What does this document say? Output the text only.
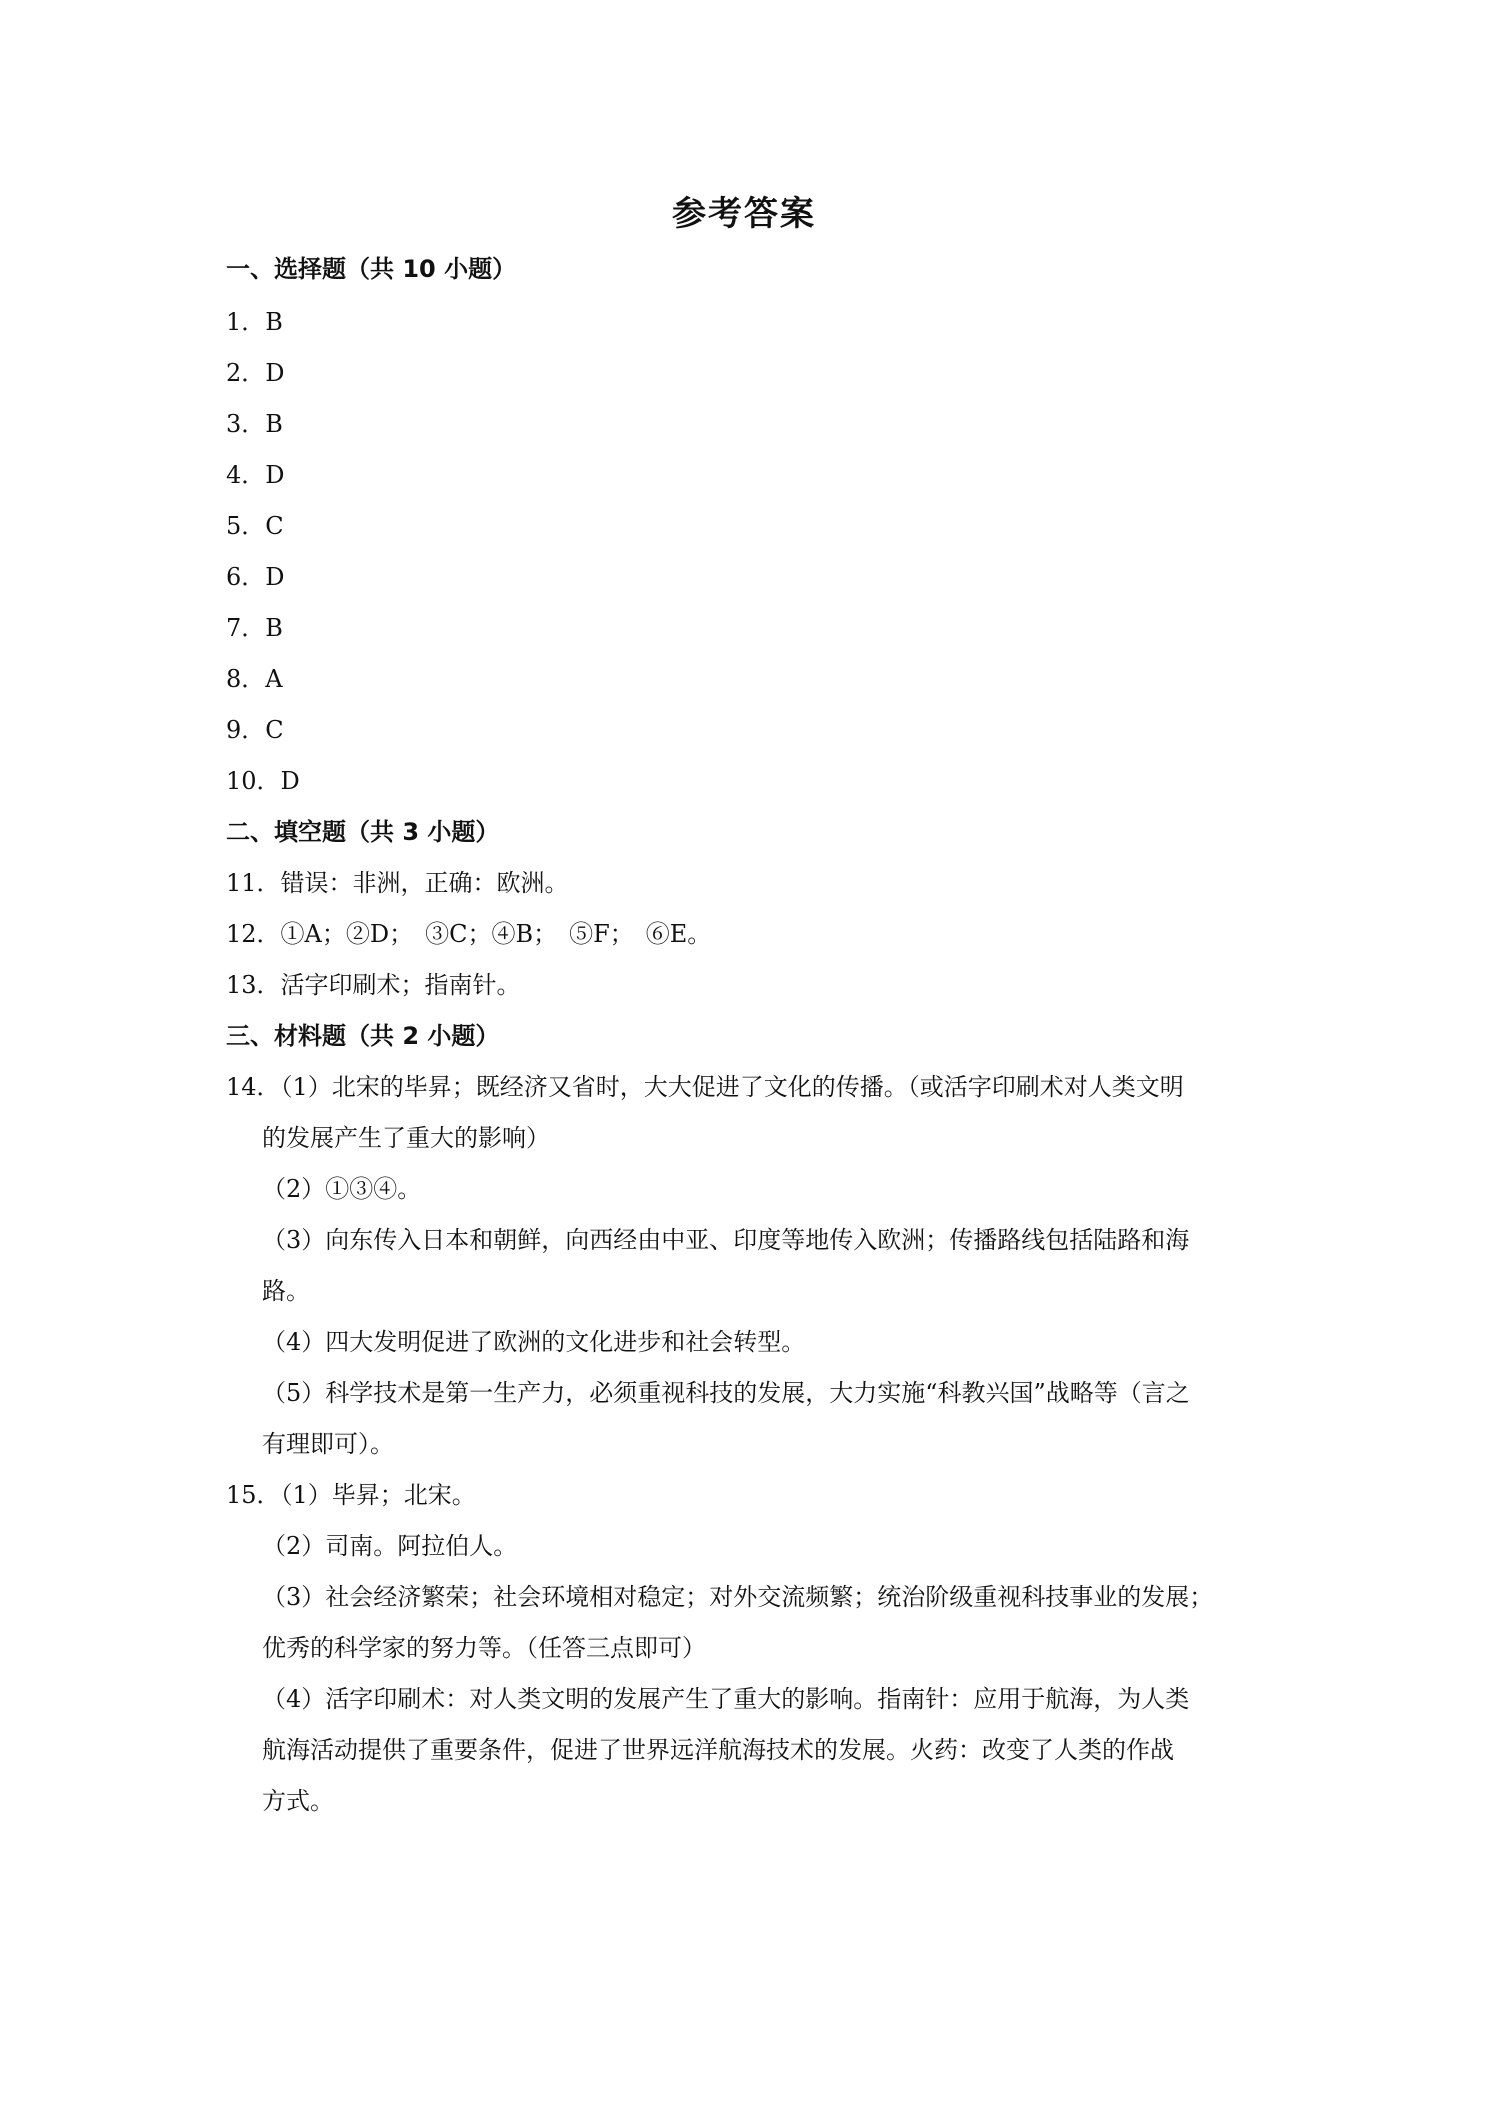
参考答案
一、选择题（共 10 小题）
1．B
2．D
3．B
4．D
5．C
6．D
7．B
8．A
9．C
10．D
二、填空题（共 3 小题）
11．错误：非洲，正确：欧洲。
12．①A；②D；　③C；④B；　⑤F；　⑥E。
13．活字印刷术；指南针。
三、材料题（共 2 小题）
14．（1）北宋的毕昇；既经济又省时，大大促进了文化的传播。（或活字印刷术对人类文明
的发展产生了重大的影响）
（2）①③④。
（3）向东传入日本和朝鲜，向西经由中亚、印度等地传入欧洲；传播路线包括陆路和海
路。
（4）四大发明促进了欧洲的文化进步和社会转型。
（5）科学技术是第一生产力，必须重视科技的发展，大力实施“科教兴国”战略等（言之
有理即可）。
15．（1）毕昇；北宋。
（2）司南。阿拉伯人。
（3）社会经济繁荣；社会环境相对稳定；对外交流频繁；统治阶级重视科技事业的发展；
优秀的科学家的努力等。（任答三点即可）
（4）活字印刷术：对人类文明的发展产生了重大的影响。指南针：应用于航海，为人类
航海活动提供了重要条件，促进了世界远洋航海技术的发展。火药：改变了人类的作战
方式。
